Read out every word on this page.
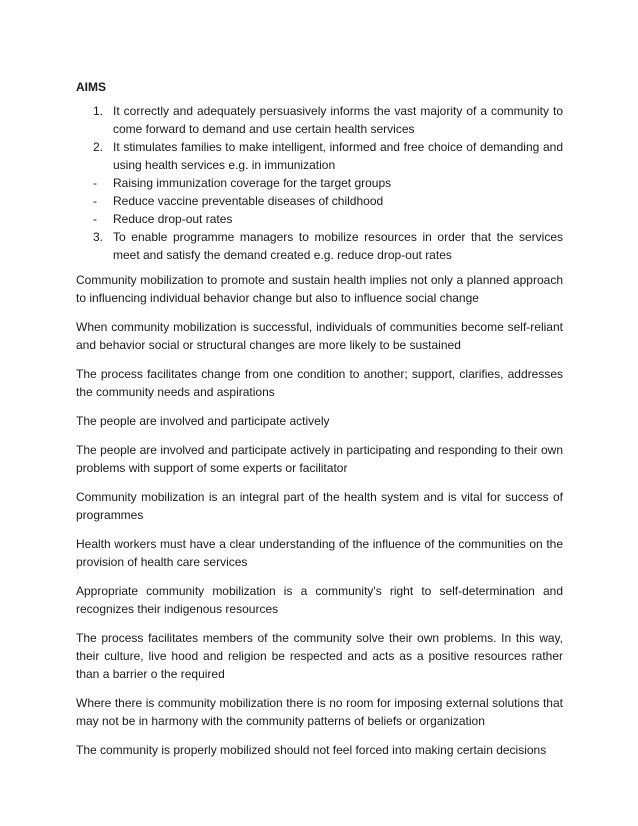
AIMS
1. It correctly and adequately persuasively informs the vast majority of a community to come forward to demand and use certain health services
2. It stimulates families to make intelligent, informed and free choice of demanding and using health services e.g. in immunization
- Raising immunization coverage for the target groups
- Reduce vaccine preventable diseases of childhood
- Reduce drop-out rates
3. To enable programme managers to mobilize resources in order that the services meet and satisfy the demand created e.g. reduce drop-out rates

Community mobilization to promote and sustain health implies not only a planned approach to influencing individual behavior change but also to influence social change

When community mobilization is successful, individuals of communities become self-reliant and behavior social or structural changes are more likely to be sustained

The process facilitates change from one condition to another; support, clarifies, addresses the community needs and aspirations

The people are involved and participate actively

The people are involved and participate actively in participating and responding to their own problems with support of some experts or facilitator

Community mobilization is an integral part of the health system and is vital for success of programmes

Health workers must have a clear understanding of the influence of the communities on the provision of health care services

Appropriate community mobilization is a community's right to self-determination and recognizes their indigenous resources

The process facilitates members of the community solve their own problems. In this way, their culture, live hood and religion be respected and acts as a positive resources rather than a barrier o the required

Where there is community mobilization there is no room for imposing external solutions that may not be in harmony with the community patterns of beliefs or organization

The community is properly mobilized should not feel forced into making certain decisions
